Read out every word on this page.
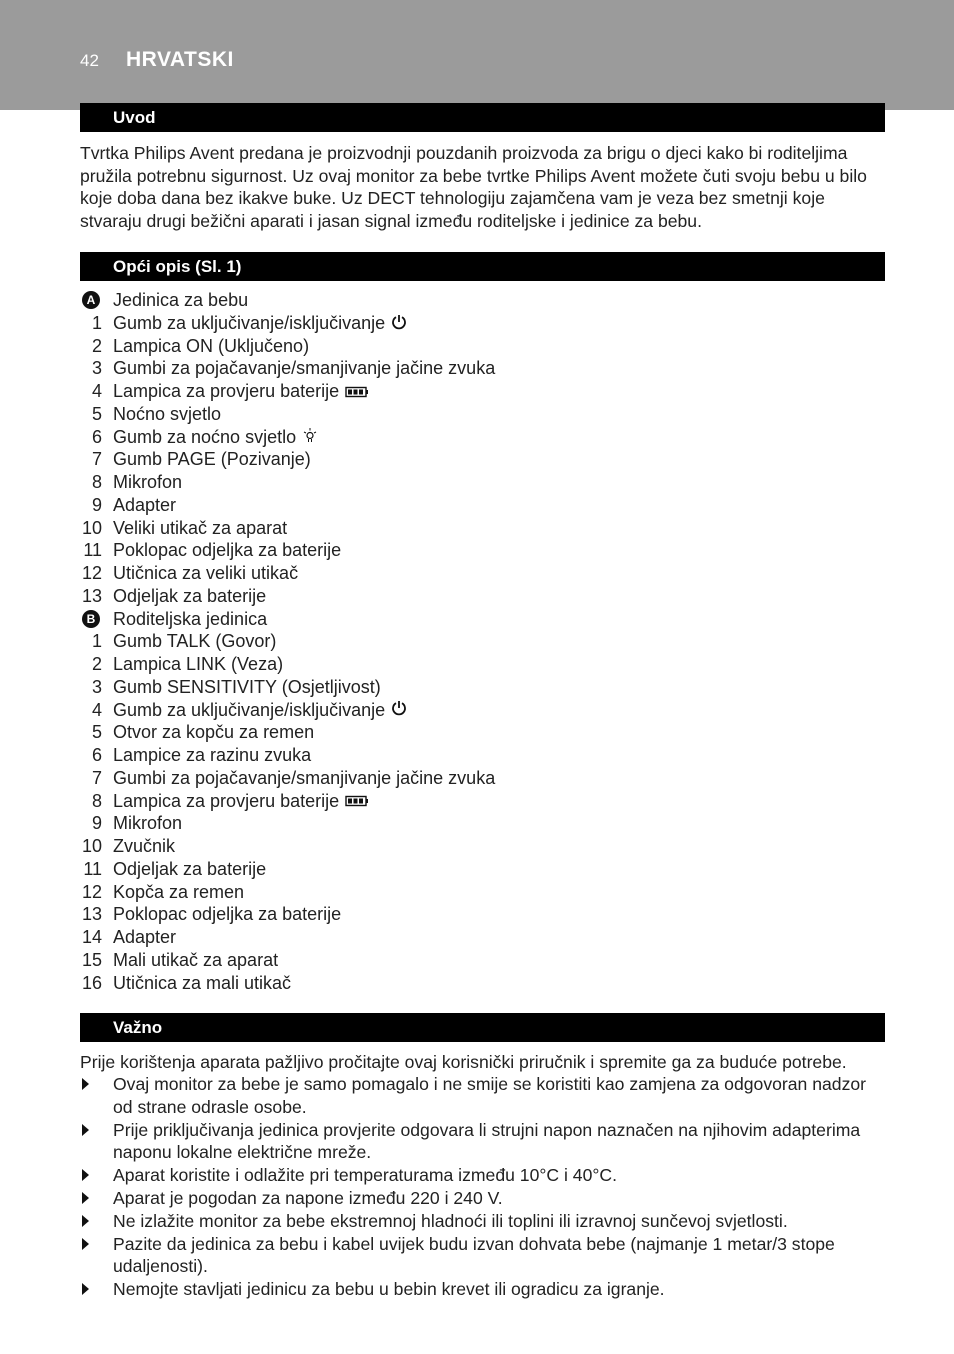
42 HRVATSKI
Uvod
Tvrtka Philips Avent predana je proizvodnji pouzdanih proizvoda za brigu o djeci kako bi roditeljima pružila potrebnu sigurnost. Uz ovaj monitor za bebe tvrtke Philips Avent možete čuti svoju bebu u bilo koje doba dana bez ikakve buke. Uz DECT tehnologiju zajamčena vam je veza bez smetnji koje stvaraju drugi bežični aparati i jasan signal između roditeljske i jedinice za bebu.
Opći opis (Sl. 1)
A Jedinica za bebu
1 Gumb za uključivanje/isključivanje
2 Lampica ON (Uključeno)
3 Gumbi za pojačavanje/smanjivanje jačine zvuka
4 Lampica za provjeru baterije
5 Noćno svjetlo
6 Gumb za noćno svjetlo
7 Gumb PAGE (Pozivanje)
8 Mikrofon
9 Adapter
10 Veliki utikač za aparat
11 Poklopac odjeljka za baterije
12 Utičnica za veliki utikač
13 Odjeljak za baterije
B Roditeljska jedinica
1 Gumb TALK (Govor)
2 Lampica LINK (Veza)
3 Gumb SENSITIVITY (Osjetljivost)
4 Gumb za uključivanje/isključivanje
5 Otvor za kopču za remen
6 Lampice za razinu zvuka
7 Gumbi za pojačavanje/smanjivanje jačine zvuka
8 Lampica za provjeru baterije
9 Mikrofon
10 Zvučnik
11 Odjeljak za baterije
12 Kopča za remen
13 Poklopac odjeljka za baterije
14 Adapter
15 Mali utikač za aparat
16 Utičnica za mali utikač
Važno
Prije korištenja aparata pažljivo pročitajte ovaj korisnički priručnik i spremite ga za buduće potrebe.
Ovaj monitor za bebe je samo pomagalo i ne smije se koristiti kao zamjena za odgovoran nadzor od strane odrasle osobe.
Prije priključivanja jedinica provjerite odgovara li strujni napon naznačen na njihovim adapterima naponu lokalne električne mreže.
Aparat koristite i odlažite pri temperaturama između 10°C i 40°C.
Aparat je pogodan za napone između 220 i 240 V.
Ne izlažite monitor za bebe ekstremnoj hladnoći ili toplini ili izravnoj sunčevoj svjetlosti.
Pazite da jedinica za bebu i kabel uvijek budu izvan dohvata bebe (najmanje 1 metar/3 stope udaljenosti).
Nemojte stavljati jedinicu za bebu u bebin krevet ili ogradicu za igranje.
